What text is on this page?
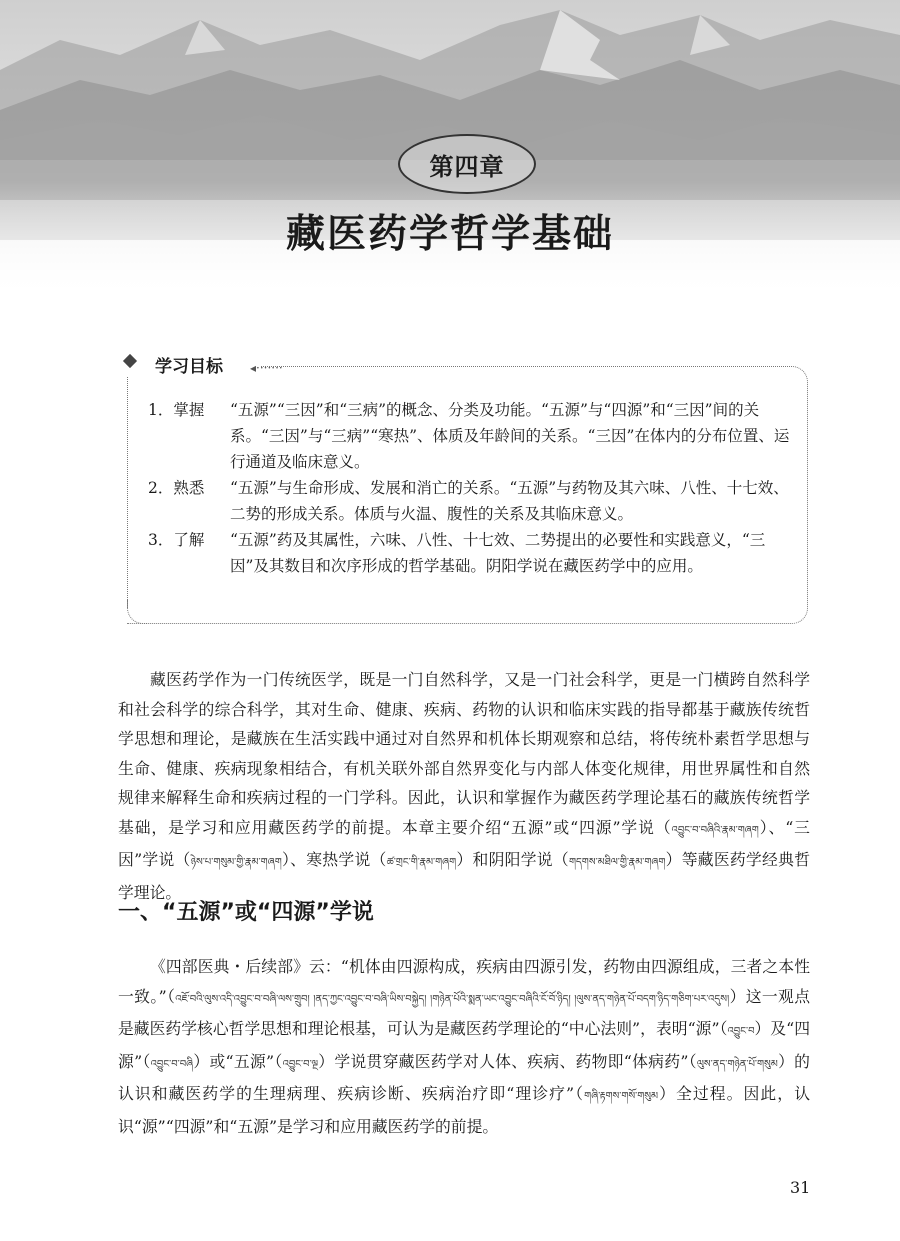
第四章
藏医药学哲学基础
学习目标 ◂·······
1．掌握	“五源”“三因”和“三病”的概念、分类及功能。“五源”与“四源”和“三因”间的关系。“三因”与“三病”“寒热”、体质及年龄间的关系。“三因”在体内的分布位置、运行通道及临床意义。
2．熟悉	“五源”与生命形成、发展和消亡的关系。“五源”与药物及其六味、八性、十七效、二势的形成关系。体质与火温、腹性的关系及其临床意义。
3．了解	“五源”药及其属性，六味、八性、十七效、二势提出的必要性和实践意义，“三因”及其数目和次序形成的哲学基础。阴阳学说在藏医药学中的应用。

藏医药学作为一门传统医学，既是一门自然科学，又是一门社会科学，更是一门横跨自然科学和社会科学的综合科学，其对生命、健康、疾病、药物的认识和临床实践的指导都基于藏族传统哲学思想和理论，是藏族在生活实践中通过对自然界和机体长期观察和总结，将传统朴素哲学思想与生命、健康、疾病现象相结合，有机关联外部自然界变化与内部人体变化规律，用世界属性和自然规律来解释生命和疾病过程的一门学科。因此，认识和掌握作为藏医药学理论基石的藏族传统哲学基础，是学习和应用藏医药学的前提。本章主要介绍“五源”或“四源”学说（འབྱུང་བ་བཞིའི་རྣམ་གཞག）、“三因”学说（ཉེས་པ་གསུམ་གྱི་རྣམ་གཞག）、寒热学说（ཚ་གྲང་གི་རྣམ་གཞག）和阴阳学说（གདགས་མཐིལ་གྱི་རྣམ་གཞག）等藏医药学经典哲学理论。

一、“五源”或“四源”学说

《四部医典・后续部》云：“机体由四源构成，疾病由四源引发，药物由四源组成，三者之本性一致。”（འཇོ་བའི་ལུས་འདི་འབྱུང་བ་བཞི་ལས་གྲུབ། །ནད་ཀྱང་འབྱུང་བ་བཞི་ཡིས་བསྐྱེད། །གཉེན་པོའི་སྨན་ཡང་འབྱུང་བཞིའི་ངོ་བོ་ཉིད། །ལུས་ནད་གཉེན་པོ་བདག་ཉིད་གཅིག་པར་འདུས།）这一观点是藏医药学核心哲学思想和理论根基，可认为是藏医药学理论的“中心法则”，表明“源”（འབྱུང་བ）及“四源”（འབྱུང་བ་བཞི）或“五源”（འབྱུང་བ་ལྔ）学说贯穿藏医药学对人体、疾病、药物即“体病药”（ལུས་ནད་གཉེན་པོ་གསུམ）的认识和藏医药学的生理病理、疾病诊断、疾病治疗即“理诊疗”（གཞི་རྟགས་གསོ་གསུམ）全过程。因此，认识“源”“四源”和“五源”是学习和应用藏医药学的前提。

31
